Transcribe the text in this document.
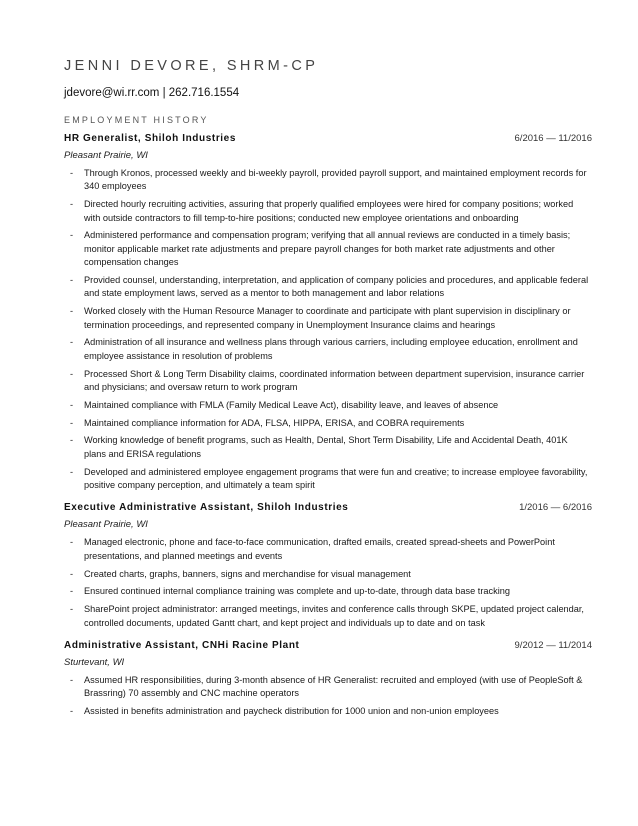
JENNI DEVORE, SHRM-CP
jdevore@wi.rr.com | 262.716.1554
EMPLOYMENT HISTORY
HR Generalist, Shiloh Industries	6/2016 — 11/2016
Pleasant Prairie, WI
- Through Kronos, processed weekly and bi-weekly payroll, provided payroll support, and maintained employment records for 340 employees
- Directed hourly recruiting activities, assuring that properly qualified employees were hired for company positions; worked with outside contractors to fill temp-to-hire positions; conducted new employee orientations and onboarding
- Administered performance and compensation program; verifying that all annual reviews are conducted in a timely basis; monitor applicable market rate adjustments and prepare payroll changes for both market rate adjustments and other compensation changes
- Provided counsel, understanding, interpretation, and application of company policies and procedures, and applicable federal and state employment laws, served as a mentor to both management and labor relations
- Worked closely with the Human Resource Manager to coordinate and participate with plant supervision in disciplinary or termination proceedings, and represented company in Unemployment Insurance claims and hearings
- Administration of all insurance and wellness plans through various carriers, including employee education, enrollment and employee assistance in resolution of problems
- Processed Short & Long Term Disability claims, coordinated information between department supervision, insurance carrier and physicians; and oversaw return to work program
- Maintained compliance with FMLA (Family Medical Leave Act), disability leave, and leaves of absence
- Maintained compliance information for ADA, FLSA, HIPPA, ERISA, and COBRA requirements
- Working knowledge of benefit programs, such as Health, Dental, Short Term Disability, Life and Accidental Death, 401K plans and ERISA regulations
- Developed and administered employee engagement programs that were fun and creative; to increase employee favorability, positive company perception, and ultimately a team spirit
Executive Administrative Assistant, Shiloh Industries	1/2016 — 6/2016
Pleasant Prairie, WI
- Managed electronic, phone and face-to-face communication, drafted emails, created spread-sheets and PowerPoint presentations, and planned meetings and events
- Created charts, graphs, banners, signs and merchandise for visual management
- Ensured continued internal compliance training was complete and up-to-date, through data base tracking
- SharePoint project administrator: arranged meetings, invites and conference calls through SKPE, updated project calendar, controlled documents, updated Gantt chart, and kept project and individuals up to date and on task
Administrative Assistant, CNHi Racine Plant	9/2012 — 11/2014
Sturtevant, WI
- Assumed HR responsibilities, during 3-month absence of HR Generalist: recruited and employed (with use of PeopleSoft & Brassring) 70 assembly and CNC machine operators
- Assisted in benefits administration and paycheck distribution for 1000 union and non-union employees
